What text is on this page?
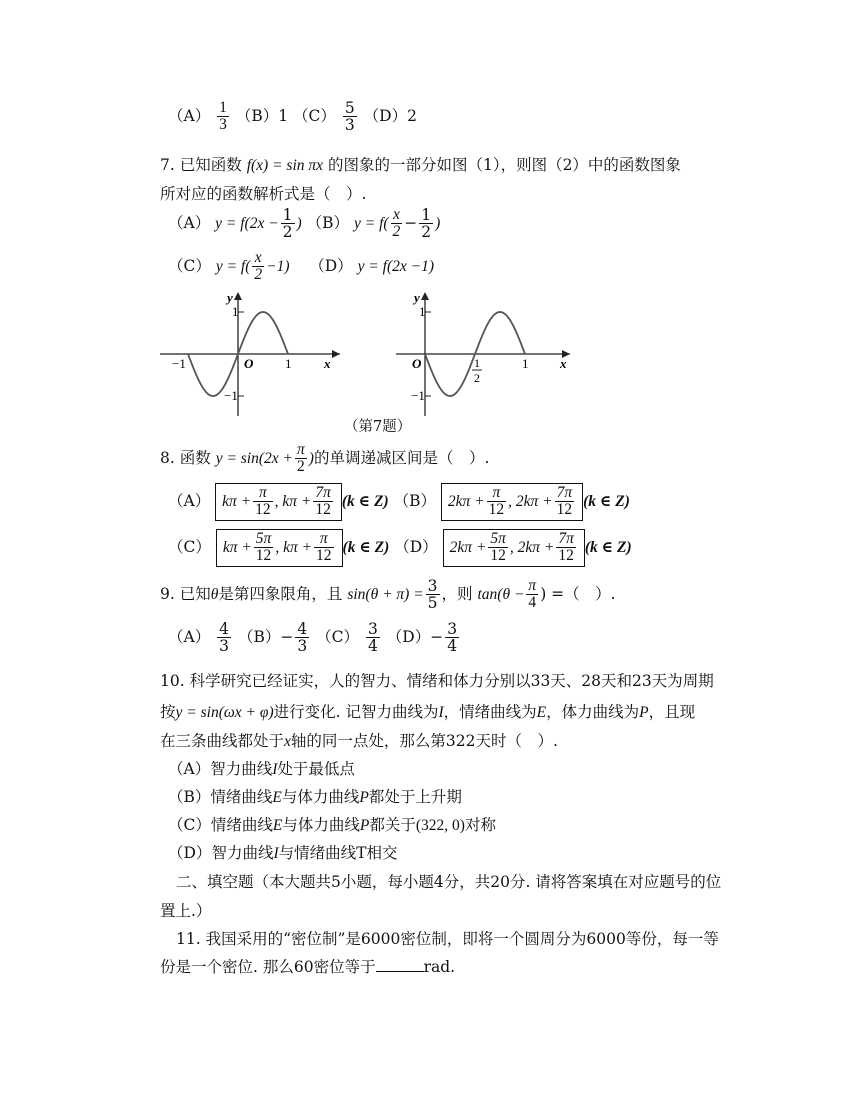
$(A) \frac{1}{3} (B)1$ $(C) \frac{5}{3} (D)2$
7. 已知函数 f(x) = sin πx 的图象的一部分如图（1），则图（2）中的函数图象
所对应的函数解析式是（　）.
（A） $y = f(2x - \frac{1}{2}$ ) （B） $y = f( \frac{x}{2} - \frac{1}{2}$ )
（C） $y = f( \frac{x}{2} -1)$ （D） y = f(2x −1)
y
1
−1
−1	O 1	x
y
1
−1
O	1
2
1 x
（第7题）
8. 函数 $y = \sin(2x + \frac{\pi}{2}$ )的单调递减区间是（　）.
（A） $k\pi + \frac{\pi}{12}$ , $k\pi + \frac{7\pi}{12} (k$ ∈ Z) （B） $2k\pi + \frac{\pi}{12}$ , $2k\pi + \frac{7\pi}{12} (k$ ∈ Z)
（C） $k\pi + \frac{5\pi}{12}$ , $k\pi + \frac{\pi}{12} (k$ ∈ Z) （D） $2k\pi + \frac{5\pi}{12}$ , $2k\pi + \frac{7\pi}{12} (k$ ∈ Z)
9. 已知θ是第四象限角，且 $\sin(\theta + \pi) = \frac{3}{5}$ ，则 $\tan(\theta - \frac{\pi}{4}$ ) =（　）.
$(A) \frac{4}{3} (B)- \frac{4}{3} (C) \frac{3}{4} (D)- \frac{3}{4}$
10. 科学研究已经证实，人的智力、情绪和体力分别以33天、28天和23天为周期
按y = sin(ωx + φ)进行变化. 记智力曲线为I，情绪曲线为E，体力曲线为P，且现
在三条曲线都处于x轴的同一点处，那么第322天时（　）.
（A）智力曲线I处于最低点
（B）情绪曲线E与体力曲线P都处于上升期
（C）情绪曲线E与体力曲线P都关于(322, 0)对称
（D）智力曲线I与情绪曲线T相交
二、填空题（本大题共5小题，每小题4分，共20分. 请将答案填在对应题号的位
置上.）
11. 我国采用的“密位制”是6000密位制，即将一个圆周分为6000等份，每一等
份是一个密位. 那么60密位等于	rad.
